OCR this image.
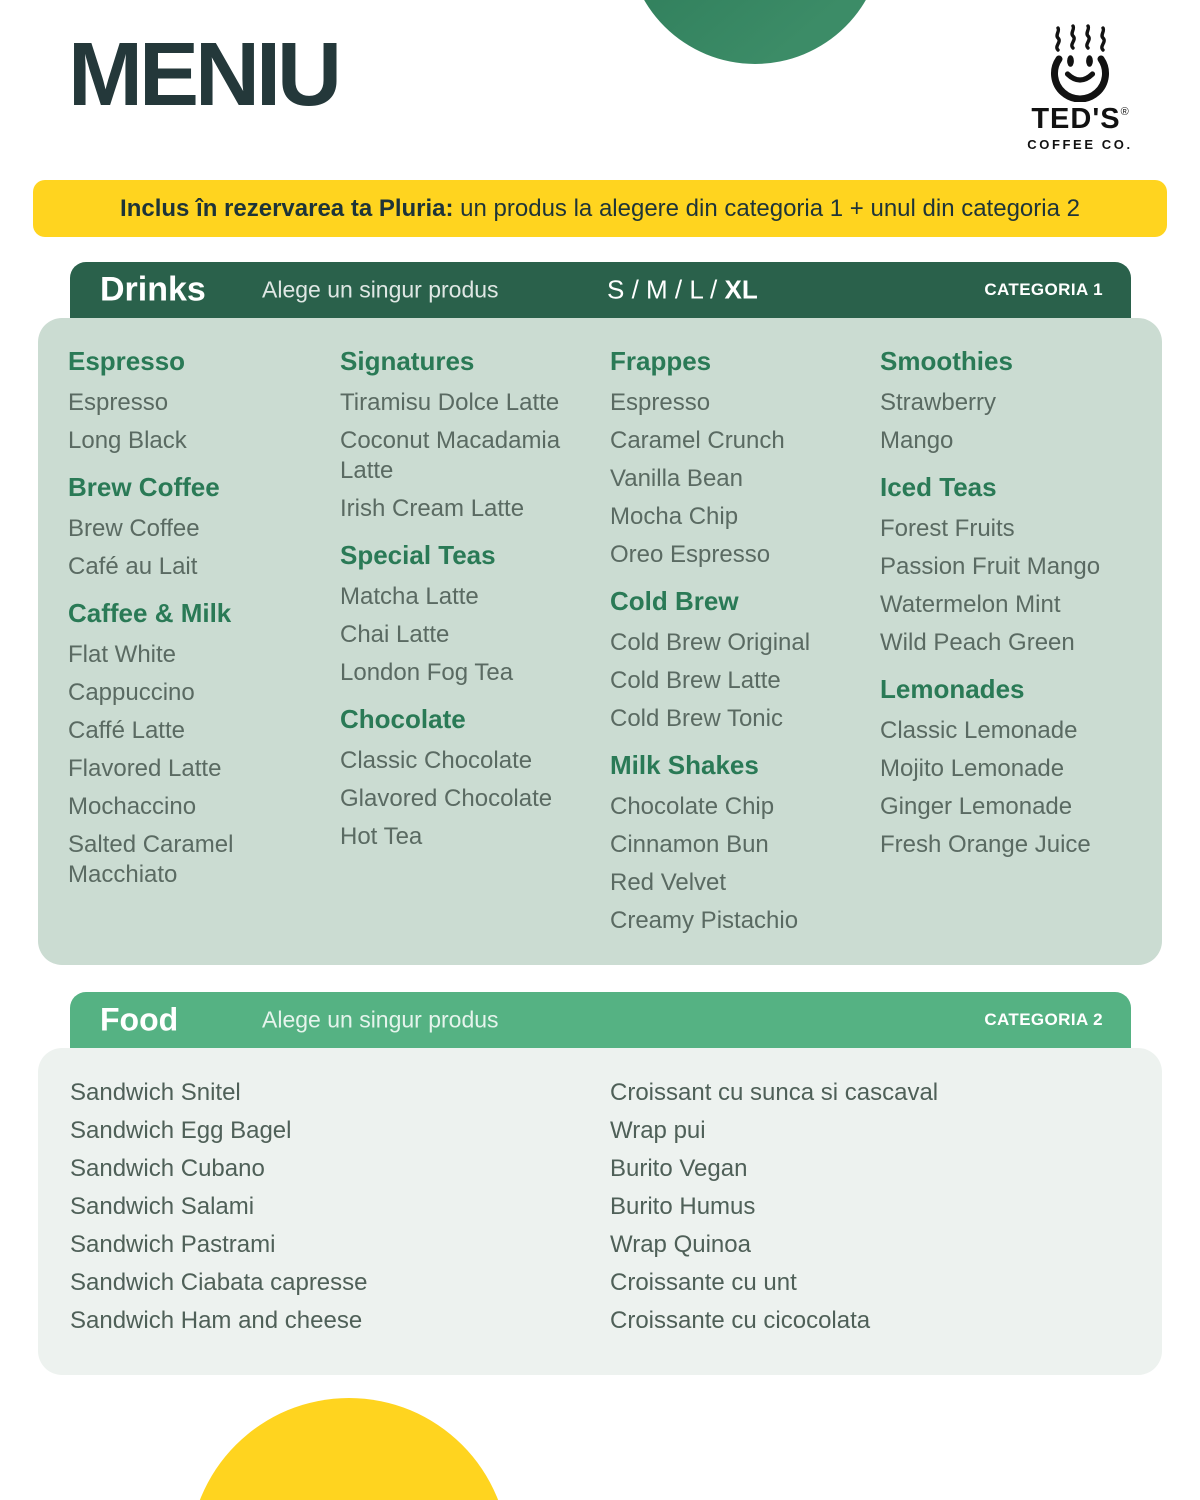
MENIU	TED'S®
COFFEE CO.
Inclus în rezervarea ta Pluria: un produs la alegere din categoria 1 + unul din categoria 2
Drinks Alege un singur produs	S / M / L / XL	CATEGORIA 1
Espresso
Espresso
Long Black
Brew Coffee
Brew Coffee
Café au Lait
Caffee & Milk
Flat White
Cappuccino
Caffé Latte
Flavored Latte
Mochaccino
Salted Caramel Macchiato
Signatures
Tiramisu Dolce Latte
Coconut Macadamia Latte
Irish Cream Latte
Special Teas
Matcha Latte
Chai Latte
London Fog Tea
Chocolate
Classic Chocolate
Glavored Chocolate
Hot Tea
Frappes
Espresso
Caramel Crunch
Vanilla Bean
Mocha Chip
Oreo Espresso
Cold Brew
Cold Brew Original
Cold Brew Latte
Cold Brew Tonic
Milk Shakes
Chocolate Chip
Cinnamon Bun
Red Velvet
Creamy Pistachio
Smoothies
Strawberry
Mango
Iced Teas
Forest Fruits
Passion Fruit Mango
Watermelon Mint
Wild Peach Green
Lemonades
Classic Lemonade
Mojito Lemonade
Ginger Lemonade
Fresh Orange Juice
Food	Alege un singur produs	CATEGORIA 2
Sandwich Snitel
Sandwich Egg Bagel
Sandwich Cubano
Sandwich Salami
Sandwich Pastrami
Sandwich Ciabata capresse
Sandwich Ham and cheese
Croissant cu sunca si cascaval
Wrap pui
Burito Vegan
Burito Humus
Wrap Quinoa
Croissante cu unt
Croissante cu cicocolata
